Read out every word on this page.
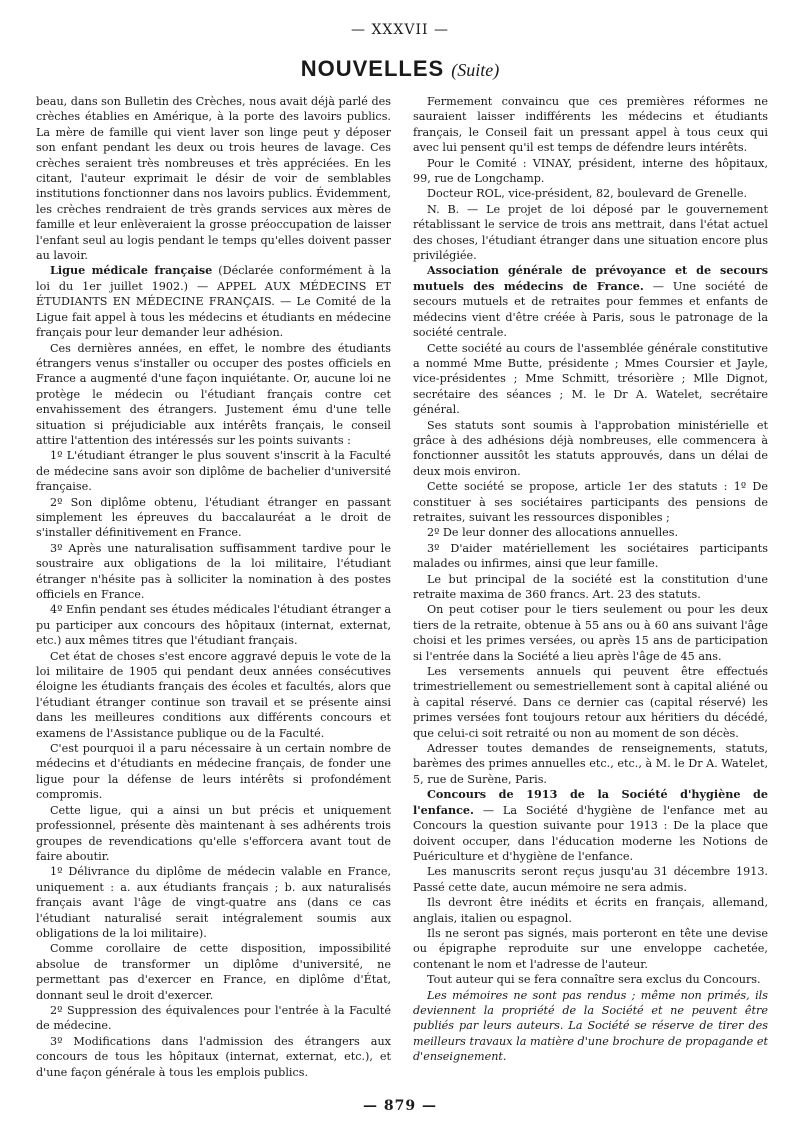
— XXXVII —
NOUVELLES (Suite)

beau, dans son Bulletin des Crèches, nous avait déjà parlé des crèches établies en Amérique, à la porte des lavoirs publics. La mère de famille qui vient laver son linge peut y déposer son enfant pendant les deux ou trois heures de lavage. Ces crèches seraient très nombreuses et très appréciées. En les citant, l'auteur exprimait le désir de voir de semblables institutions fonctionner dans nos lavoirs publics. Évidemment, les crèches rendraient de très grands services aux mères de famille et leur enlèveraient la grosse préoccupation de laisser l'enfant seul au logis pendant le temps qu'elles doivent passer au lavoir.

Ligue médicale française (Déclarée conformément à la loi du 1er juillet 1902.) — APPEL AUX MÉDECINS ET ÉTUDIANTS EN MÉDECINE FRANÇAIS. — Le Comité de la Ligue fait appel à tous les médecins et étudiants en médecine français pour leur demander leur adhésion.

Ces dernières années, en effet, le nombre des étudiants étrangers venus s'installer ou occuper des postes officiels en France a augmenté d'une façon inquiétante. Or, aucune loi ne protège le médecin ou l'étudiant français contre cet envahissement des étrangers. Justement ému d'une telle situation si préjudiciable aux intérêts français, le conseil attire l'attention des intéressés sur les points suivants :

1º L'étudiant étranger le plus souvent s'inscrit à la Faculté de médecine sans avoir son diplôme de bachelier d'université française.

2º Son diplôme obtenu, l'étudiant étranger en passant simplement les épreuves du baccalauréat a le droit de s'installer définitivement en France.

3º Après une naturalisation suffisamment tardive pour le soustraire aux obligations de la loi militaire, l'étudiant étranger n'hésite pas à solliciter la nomination à des postes officiels en France.

4º Enfin pendant ses études médicales l'étudiant étranger a pu participer aux concours des hôpitaux (internat, externat, etc.) aux mêmes titres que l'étudiant français.

Cet état de choses s'est encore aggravé depuis le vote de la loi militaire de 1905 qui pendant deux années consécutives éloigne les étudiants français des écoles et facultés, alors que l'étudiant étranger continue son travail et se présente ainsi dans les meilleures conditions aux différents concours et examens de l'Assistance publique ou de la Faculté.

C'est pourquoi il a paru nécessaire à un certain nombre de médecins et d'étudiants en médecine français, de fonder une ligue pour la défense de leurs intérêts si profondément compromis.

Cette ligue, qui a ainsi un but précis et uniquement professionnel, présente dès maintenant à ses adhérents trois groupes de revendications qu'elle s'efforcera avant tout de faire aboutir.

1º Délivrance du diplôme de médecin valable en France, uniquement : a. aux étudiants français ; b. aux naturalisés français avant l'âge de vingt-quatre ans (dans ce cas l'étudiant naturalisé serait intégralement soumis aux obligations de la loi militaire).

Comme corollaire de cette disposition, impossibilité absolue de transformer un diplôme d'université, ne permettant pas d'exercer en France, en diplôme d'État, donnant seul le droit d'exercer.

2º Suppression des équivalences pour l'entrée à la Faculté de médecine.

3º Modifications dans l'admission des étrangers aux concours de tous les hôpitaux (internat, externat, etc.), et d'une façon générale à tous les emplois publics.

Fermement convaincu que ces premières réformes ne sauraient laisser indifférents les médecins et étudiants français, le Conseil fait un pressant appel à tous ceux qui avec lui pensent qu'il est temps de défendre leurs intérêts.

Pour le Comité : VINAY, président, interne des hôpitaux, 99, rue de Longchamp.

Docteur ROL, vice-président, 82, boulevard de Grenelle.

N. B. — Le projet de loi déposé par le gouvernement rétablissant le service de trois ans mettrait, dans l'état actuel des choses, l'étudiant étranger dans une situation encore plus privilégiée.

Association générale de prévoyance et de secours mutuels des médecins de France. — Une société de secours mutuels et de retraites pour femmes et enfants de médecins vient d'être créée à Paris, sous le patronage de la société centrale.

Cette société au cours de l'assemblée générale constitutive a nommé Mme Butte, présidente ; Mmes Coursier et Jayle, vice-présidentes ; Mme Schmitt, trésorière ; Mlle Dignot, secrétaire des séances ; M. le Dr A. Watelet, secrétaire général.

Ses statuts sont soumis à l'approbation ministérielle et grâce à des adhésions déjà nombreuses, elle commencera à fonctionner aussitôt les statuts approuvés, dans un délai de deux mois environ.

Cette société se propose, article 1er des statuts : 1º De constituer à ses sociétaires participants des pensions de retraites, suivant les ressources disponibles ;

2º De leur donner des allocations annuelles.

3º D'aider matériellement les sociétaires participants malades ou infirmes, ainsi que leur famille.

Le but principal de la société est la constitution d'une retraite maxima de 360 francs. Art. 23 des statuts.

On peut cotiser pour le tiers seulement ou pour les deux tiers de la retraite, obtenue à 55 ans ou à 60 ans suivant l'âge choisi et les primes versées, ou après 15 ans de participation si l'entrée dans la Société a lieu après l'âge de 45 ans.

Les versements annuels qui peuvent être effectués trimestriellement ou semestriellement sont à capital aliéné ou à capital réservé. Dans ce dernier cas (capital réservé) les primes versées font toujours retour aux héritiers du décédé, que celui-ci soit retraité ou non au moment de son décès.

Adresser toutes demandes de renseignements, statuts, barèmes des primes annuelles etc., etc., à M. le Dr A. Watelet, 5, rue de Surène, Paris.

Concours de 1913 de la Société d'hygiène de l'enfance. — La Société d'hygiène de l'enfance met au Concours la question suivante pour 1913 : De la place que doivent occuper, dans l'éducation moderne les Notions de Puériculture et d'hygiène de l'enfance.

Les manuscrits seront reçus jusqu'au 31 décembre 1913. Passé cette date, aucun mémoire ne sera admis.

Ils devront être inédits et écrits en français, allemand, anglais, italien ou espagnol.

Ils ne seront pas signés, mais porteront en tête une devise ou épigraphe reproduite sur une enveloppe cachetée, contenant le nom et l'adresse de l'auteur.

Tout auteur qui se fera connaître sera exclus du Concours.

Les mémoires ne sont pas rendus ; même non primés, ils deviennent la propriété de la Société et ne peuvent être publiés par leurs auteurs. La Société se réserve de tirer des meilleurs travaux la matière d'une brochure de propagande et d'enseignement.

— 879 —
